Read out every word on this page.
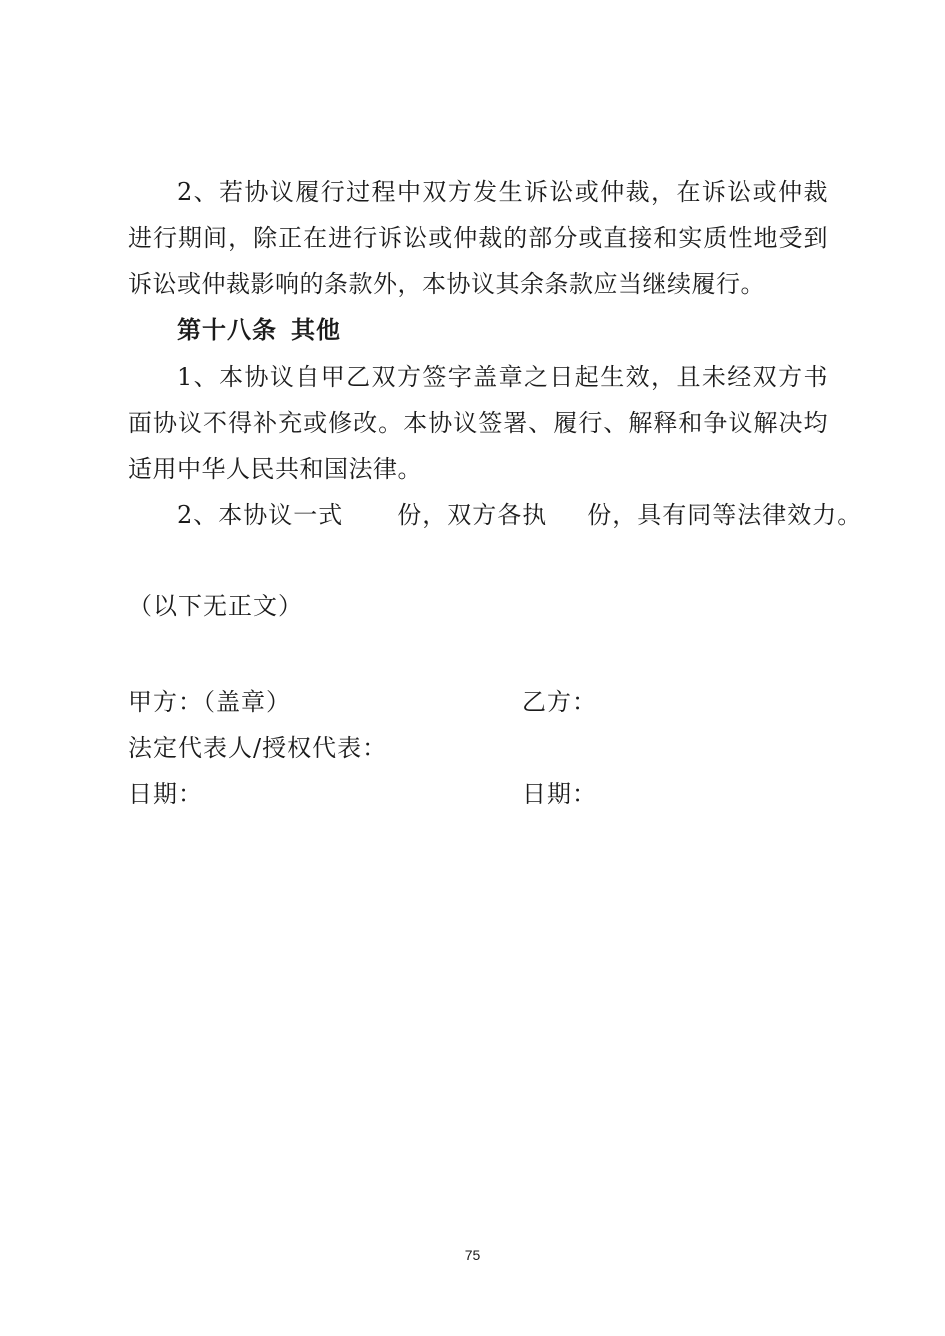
2、若协议履行过程中双方发生诉讼或仲裁，在诉讼或仲裁
进行期间，除正在进行诉讼或仲裁的部分或直接和实质性地受到
诉讼或仲裁影响的条款外，本协议其余条款应当继续履行。
第十八条 其他
1、本协议自甲乙双方签字盖章之日起生效，且未经双方书
面协议不得补充或修改。本协议签署、履行、解释和争议解决均
适用中华人民共和国法律。
2、本协议一式 份，双方各执 份，具有同等法律效力。
（以下无正文）
甲方：（盖章）	乙方：
法定代表人/授权代表：
日期：	日期：
75
